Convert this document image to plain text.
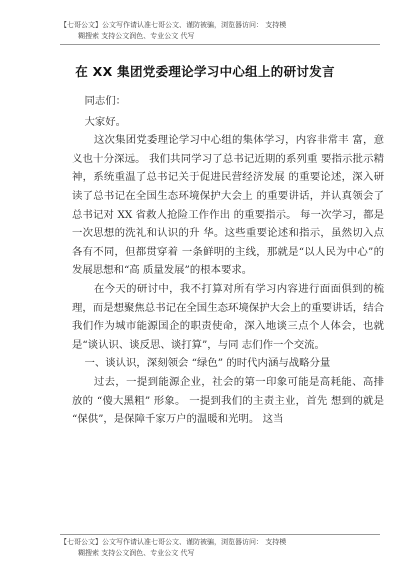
【七哥公文】公文写作请认准七哥公文、谨防被骗，浏览器访问： 支持模
糊搜索 支持公文润色、专业公文 代写
在 XX 集团党委理论学习中心组上的研讨发言

同志们：

大家好。

这次集团党委理论学习中心组的集体学习，内容非常丰 富，意义也十分深远。 我们共同学习了总书记近期的系列重 要指示批示精神，系统重温了总书记关于促进民营经济发展 的重要论述，深入研读了总书记在全国生态环境保护大会上 的重要讲话，并认真领会了总书记对 XX 省救人抢险工作作出 的重要指示。 每一次学习，都是一次思想的洗礼和认识的升 华。这些重要论述和指示，虽然切入点各有不同，但都贯穿着 一条鲜明的主线，那就是“以人民为中心”的发展思想和“高 质量发展”的根本要求。

在今天的研讨中，我不打算对所有学习内容进行面面俱到的梳理，而是想聚焦总书记在全国生态环境保护大会上的重要讲话，结合我们作为城市能源国企的职责使命，深入地谈三点个人体会，也就是“谈认识、谈反思、谈打算”，与同 志们作一个交流。

一、谈认识，深刻领会 “绿色” 的时代内涵与战略分量

过去，一提到能源企业，社会的第一印象可能是高耗能、高排放的 “傻大黑粗” 形象。 一提到我们的主责主业，首先 想到的就是 “保供”，是保障千家万户的温暖和光明。 这当

【七哥公文】公文写作请认准七哥公文、谨防被骗，浏览器访问： 支持模
糊搜索 支持公文润色、专业公文 代写
